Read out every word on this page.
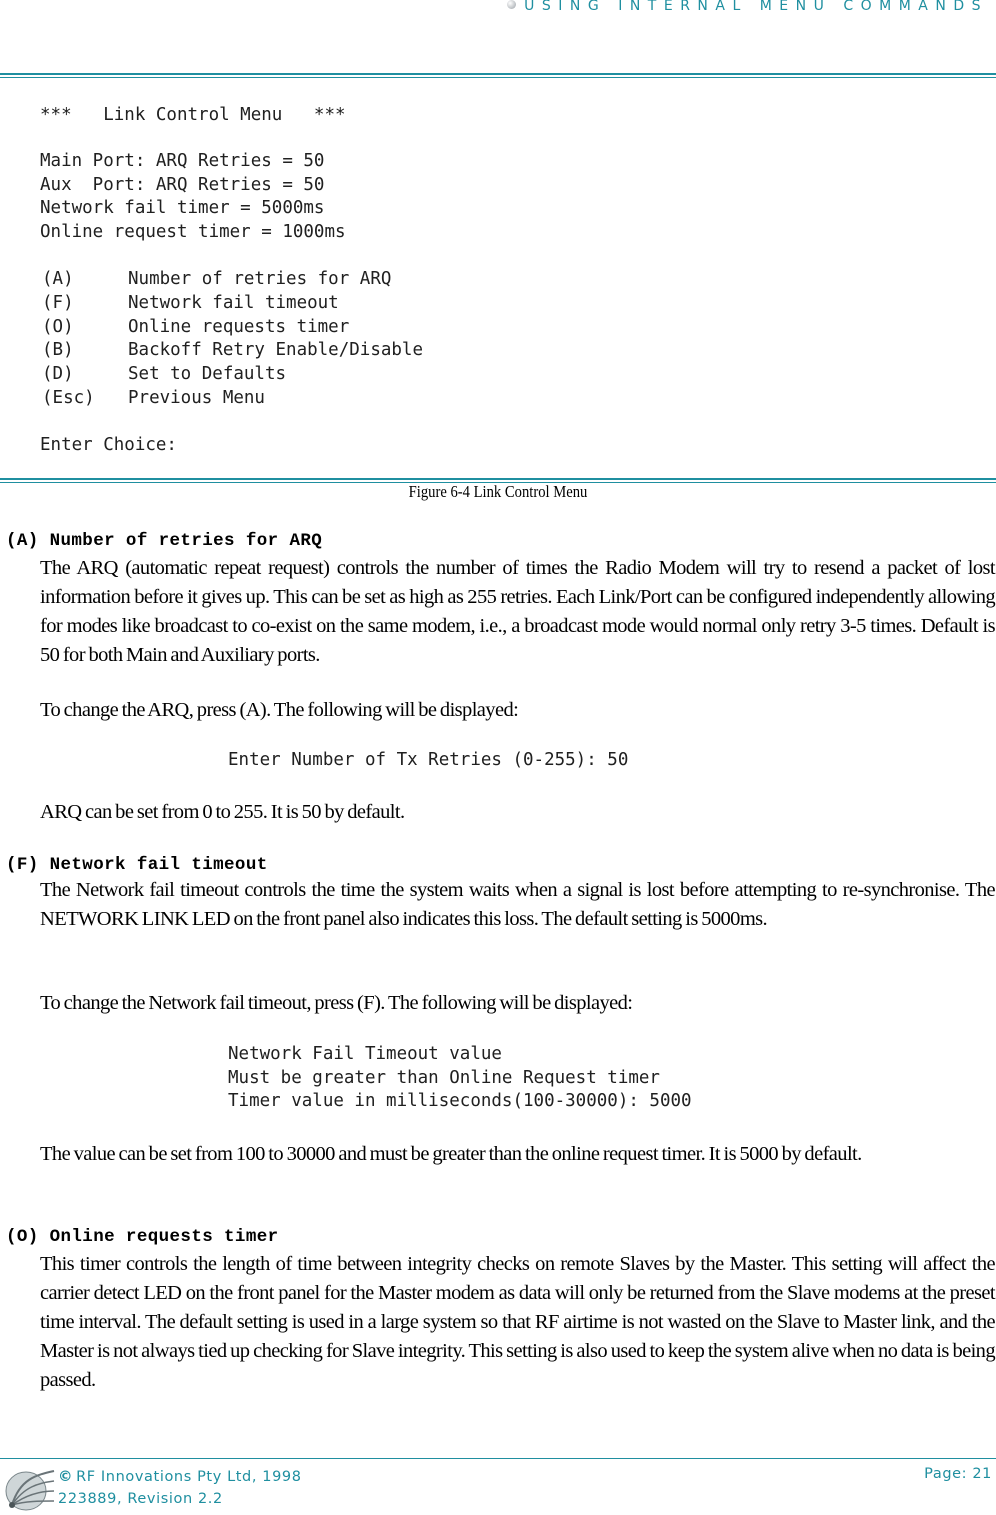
USING INTERNAL MENU COMMANDS
***   Link Control Menu   ***
Main Port: ARQ Retries = 50
Aux  Port: ARQ Retries = 50
Network fail timer = 5000ms
Online request timer = 1000ms
(A)	Number of retries for ARQ
(F)	Network fail timeout
(O)	Online requests timer
(B)	Backoff Retry Enable/Disable
(D)	Set to Defaults
(Esc) Previous Menu
Enter Choice:
Figure 6-4 Link Control Menu
(A) Number of retries for ARQ

The ARQ (automatic repeat request) controls the number of times the Radio Modem will try to resend a packet of lost information before it gives up. This can be set as high as 255 retries. Each Link/Port can be configured independently allowing for modes like broadcast to co-exist on the same modem, i.e., a broadcast mode would normal only retry 3-5 times. Default is 50 for both Main and Auxiliary ports.

To change the ARQ, press (A). The following will be displayed:

Enter Number of Tx Retries (0-255): 50

ARQ can be set from 0 to 255. It is 50 by default.

(F) Network fail timeout

The Network fail timeout controls the time the system waits when a signal is lost before attempting to re-synchronise. The NETWORK LINK LED on the front panel also indicates this loss. The default setting is 5000ms.

To change the Network fail timeout, press (F). The following will be displayed:

Network Fail Timeout value
Must be greater than Online Request timer
Timer value in milliseconds(100-30000): 5000

The value can be set from 100 to 30000 and must be greater than the online request timer. It is 5000 by default.

(O) Online requests timer

This timer controls the length of time between integrity checks on remote Slaves by the Master. This setting will affect the carrier detect LED on the front panel for the Master modem as data will only be returned from the Slave modems at the preset time interval. The default setting is used in a large system so that RF airtime is not wasted on the Slave to Master link, and the Master is not always tied up checking for Slave integrity. This setting is also used to keep the system alive when no data is being passed.

© RF Innovations Pty Ltd, 1998
223889, Revision 2.2
Page: 21
